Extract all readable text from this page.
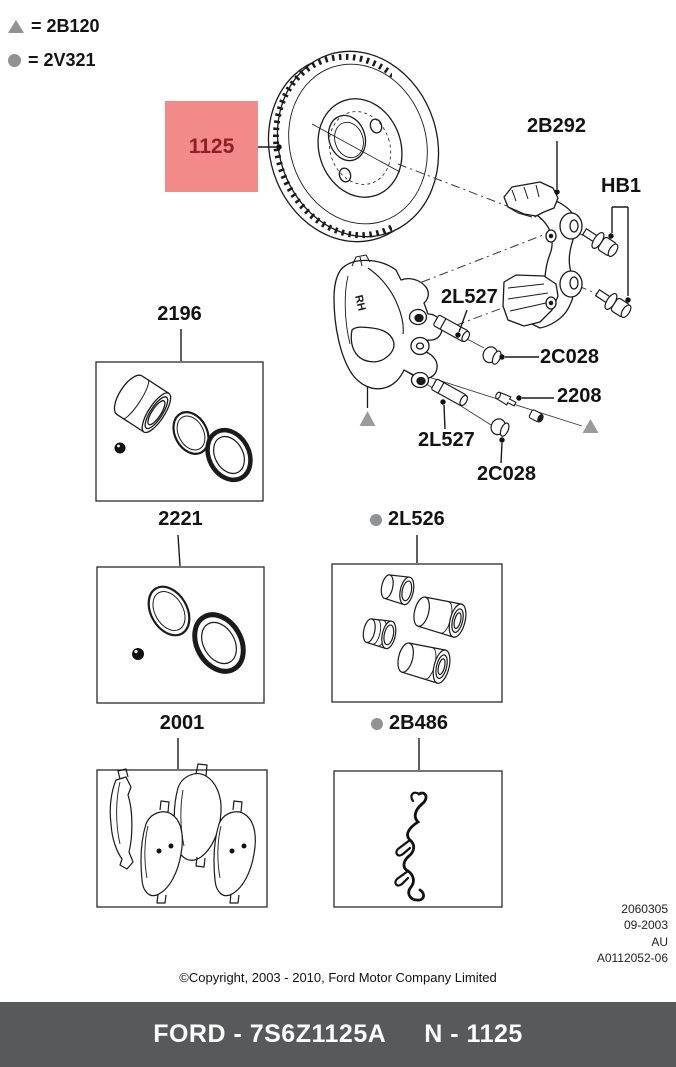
RH
= 2B120
= 2V321
1125
2B292
HB1
2L527
2C028
2208
2L527
2C028
2196
2221	2L526
2001	2B486
2060305
09-2003
AU
A0112052-06
©Copyright, 2003 - 2010, Ford Motor Company Limited
FORD - 7S6Z1125A N - 1125
